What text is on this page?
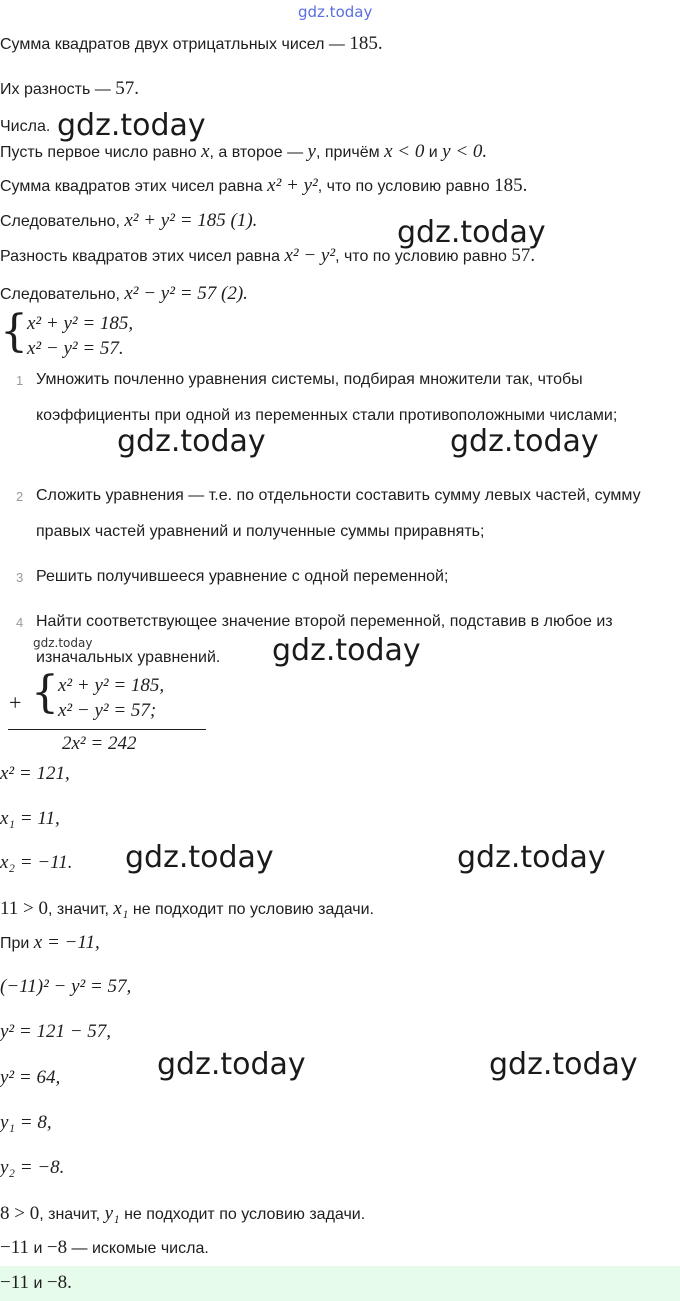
gdz.today
Сумма квадратов двух отрицатльных чисел — 185.
Их разность — 57.
Числа. gdz.today
Пусть первое число равно x, а второе — y, причём x < 0 и y < 0.
Сумма квадратов этих чисел равна x² + y², что по условию равно 185.
Следовательно, x² + y² = 185 (1).	gdz.today
Разность квадратов этих чисел равна x² − y², что по условию равно 57.
Следовательно, x² − y² = 57 (2).
{ x² + y² = 185,
x² − y² = 57.
1 Умножить почленно уравнения системы, подбирая множители так, чтобы коэффициенты при одной из переменных стали противоположными числами;
gdz.today	gdz.today
2 Сложить уравнения — т.е. по отдельности составить сумму левых частей, сумму правых частей уравнений и полученные суммы приравнять;
3 Решить получившееся уравнение с одной переменной;
4 Найти соответствующее значение второй переменной, подставив в любое из изначальных уравнений.
gdz.today	gdz.today
+ { x² + y² = 185,
x² − y² = 57;
2x² = 242
x² = 121,
x₁ = 11,
x₂ = −11. gdz.today	gdz.today
11 > 0, значит, x₁ не подходит по условию задачи.
При x = −11,
(−11)² − y² = 57,
y² = 121 − 57,
y² = 64,
y₁ = 8,
y₂ = −8.
gdz.today	gdz.today
8 > 0, значит, y₁ не подходит по условию задачи.
−11 и −8 — искомые числа.
−11 и −8.
